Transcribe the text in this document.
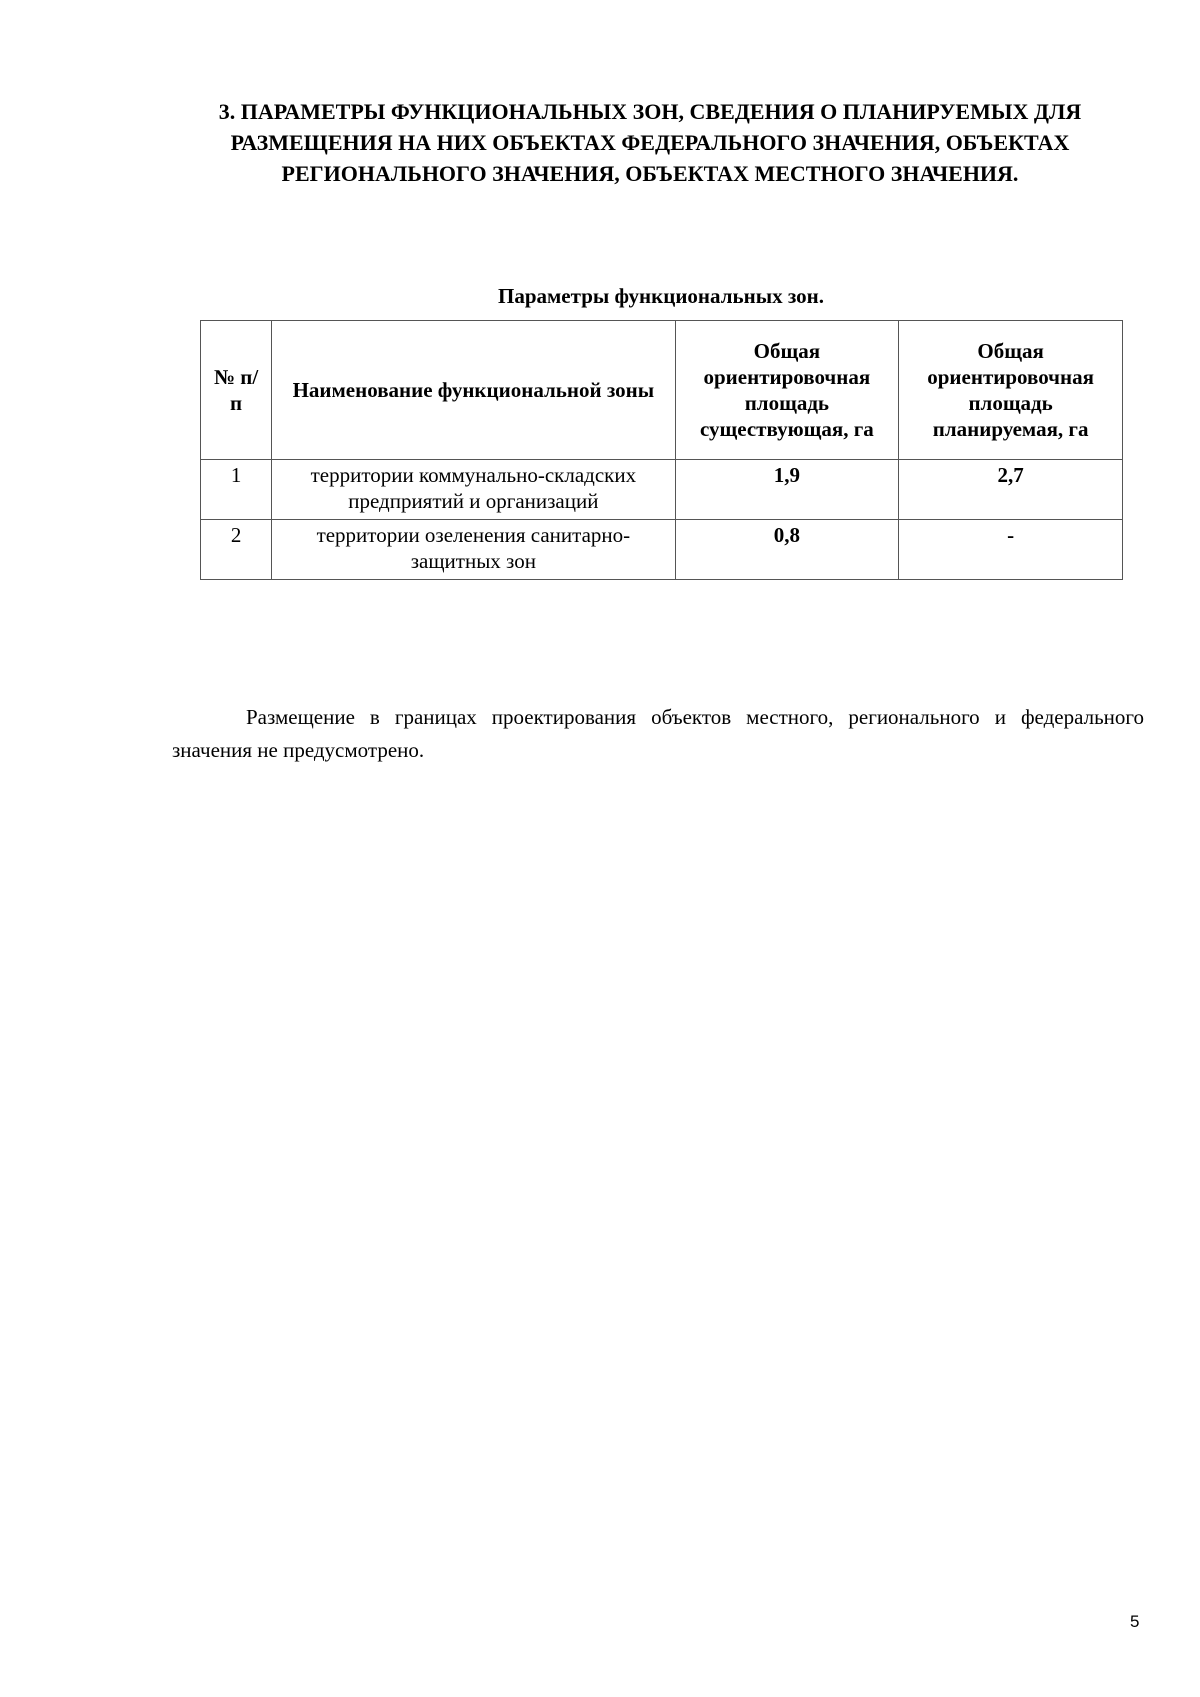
3. ПАРАМЕТРЫ ФУНКЦИОНАЛЬНЫХ ЗОН, СВЕДЕНИЯ О ПЛАНИРУЕМЫХ ДЛЯ
РАЗМЕЩЕНИЯ НА НИХ ОБЪЕКТАХ ФЕДЕРАЛЬНОГО ЗНАЧЕНИЯ, ОБЪЕКТАХ
РЕГИОНАЛЬНОГО ЗНАЧЕНИЯ, ОБЪЕКТАХ МЕСТНОГО ЗНАЧЕНИЯ.
Параметры функциональных зон.
№ п/п	Наименование функциональной зоны	Общая ориентировочная площадь существующая, га	Общая ориентировочная площадь планируемая, га
1	территории коммунально-складских предприятий и организаций	1,9	2,7
2	территории озеленения санитарно-защитных зон	0,8	-

Размещение в границах проектирования объектов местного, регионального и федерального значения не предусмотрено.

5
